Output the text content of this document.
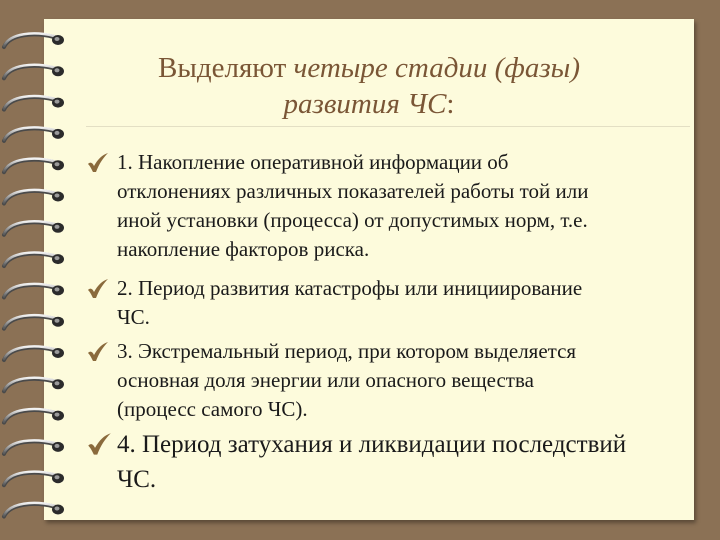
Выделяют четыре стадии (фазы)
развития ЧС:
1. Накопление оперативной информации об
отклонениях различных показателей работы той или
иной установки (процесса) от допустимых норм, т.е.
накопление факторов риска.
2. Период развития катастрофы или инициирование
ЧС.
3. Экстремальный период, при котором выделяется
основная доля энергии или опасного вещества
(процесс самого ЧС).
4. Период затухания и ликвидации последствий
ЧС.
